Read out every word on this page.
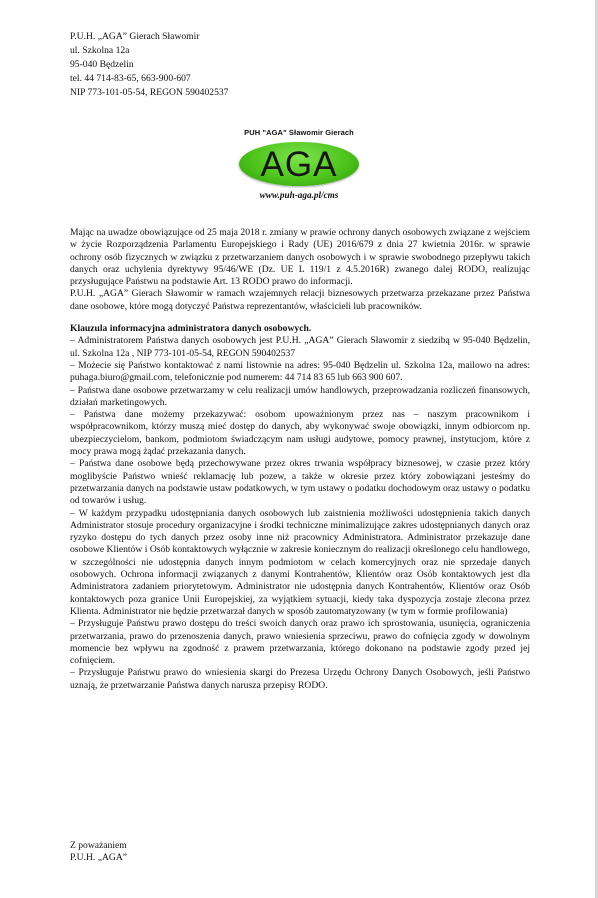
P.U.H. „AGA” Gierach Sławomir
ul. Szkolna 12a
95-040 Będzelin
tel. 44 714-83-65, 663-900-607
NIP 773-101-05-54, REGON 590402537
PUH "AGA" Sławomir Gierach
AGA
www.puh-aga.pl/cms

Mając na uwadze obowiązujące od 25 maja 2018 r. zmiany w prawie ochrony danych osobowych związane z wejściem w życie Rozporządzenia Parlamentu Europejskiego i Rady (UE) 2016/679 z dnia 27 kwietnia 2016r. w sprawie ochrony osób fizycznych w związku z przetwarzaniem danych osobowych i w sprawie swobodnego przepływu takich danych oraz uchylenia dyrektywy 95/46/WE (Dz. UE L 119/1 z 4.5.2016R) zwanego dalej RODO, realizując przysługujące Państwu na podstawie Art. 13 RODO prawo do informacji.

P.U.H. „AGA” Gierach Sławomir w ramach wzajemnych relacji biznesowych przetwarza przekazane przez Państwa dane osobowe, które mogą dotyczyć Państwa reprezentantów, właścicieli lub pracowników.

Klauzula informacyjna administratora danych osobowych.

– Administratorem Państwa danych osobowych jest P.U.H. „AGA” Gierach Sławomir z siedzibą w 95-040 Będzelin, ul. Szkolna 12a , NIP 773-101-05-54, REGON 590402537

– Możecie się Państwo kontaktować z nami listownie na adres: 95-040 Będzelin ul. Szkolna 12a, mailowo na adres: puhaga.biuro@gmail.com, telefonicznie pod numerem: 44 714 83 65 lub 663 900 607.

– Państwa dane osobowe przetwarzamy w celu realizacji umów handlowych, przeprowadzania rozliczeń finansowych, działań marketingowych.

– Państwa dane możemy przekazywać: osobom upoważnionym przez nas – naszym pracownikom i współpracownikom, którzy muszą mieć dostęp do danych, aby wykonywać swoje obowiązki, innym odbiorcom np. ubezpieczycielom, bankom, podmiotom świadczącym nam usługi audytowe, pomocy prawnej, instytucjom, które z mocy prawa mogą żądać przekazania danych.

– Państwa dane osobowe będą przechowywane przez okres trwania współpracy biznesowej, w czasie przez który moglibyście Państwo wnieść reklamację lub pozew, a także w okresie przez który zobowiązani jesteśmy do przetwarzania danych na podstawie ustaw podatkowych, w tym ustawy o podatku dochodowym oraz ustawy o podatku od towarów i usług.

– W każdym przypadku udostępniania danych osobowych lub zaistnienia możliwości udostępnienia takich danych Administrator stosuje procedury organizacyjne i środki techniczne minimalizujące zakres udostępnianych danych oraz ryzyko dostępu do tych danych przez osoby inne niż pracownicy Administratora. Administrator przekazuje dane osobowe Klientów i Osób kontaktowych wyłącznie w zakresie koniecznym do realizacji określonego celu handlowego, w szczególności nie udostępnia danych innym podmiotom w celach komercyjnych oraz nie sprzedaje danych osobowych. Ochrona informacji związanych z danymi Kontrahentów, Klientów oraz Osób kontaktowych jest dla Administratora zadaniem priorytetowym. Administrator nie udostępnia danych Kontrahentów, Klientów oraz Osób kontaktowych poza granice Unii Europejskiej, za wyjątkiem sytuacji, kiedy taka dyspozycja zostaje zlecona przez Klienta. Administrator nie będzie przetwarzał danych w sposób zautomatyzowany (w tym w formie profilowania)

– Przysługuje Państwu prawo dostępu do treści swoich danych oraz prawo ich sprostowania, usunięcia, ograniczenia przetwarzania, prawo do przenoszenia danych, prawo wniesienia sprzeciwu, prawo do cofnięcia zgody w dowolnym momencie bez wpływu na zgodność z prawem przetwarzania, którego dokonano na podstawie zgody przed jej cofnięciem.

– Przysługuje Państwu prawo do wniesienia skargi do Prezesa Urzędu Ochrony Danych Osobowych, jeśli Państwo uznają, że przetwarzanie Państwa danych narusza przepisy RODO.

Z poważaniem
P.U.H. „AGA”
